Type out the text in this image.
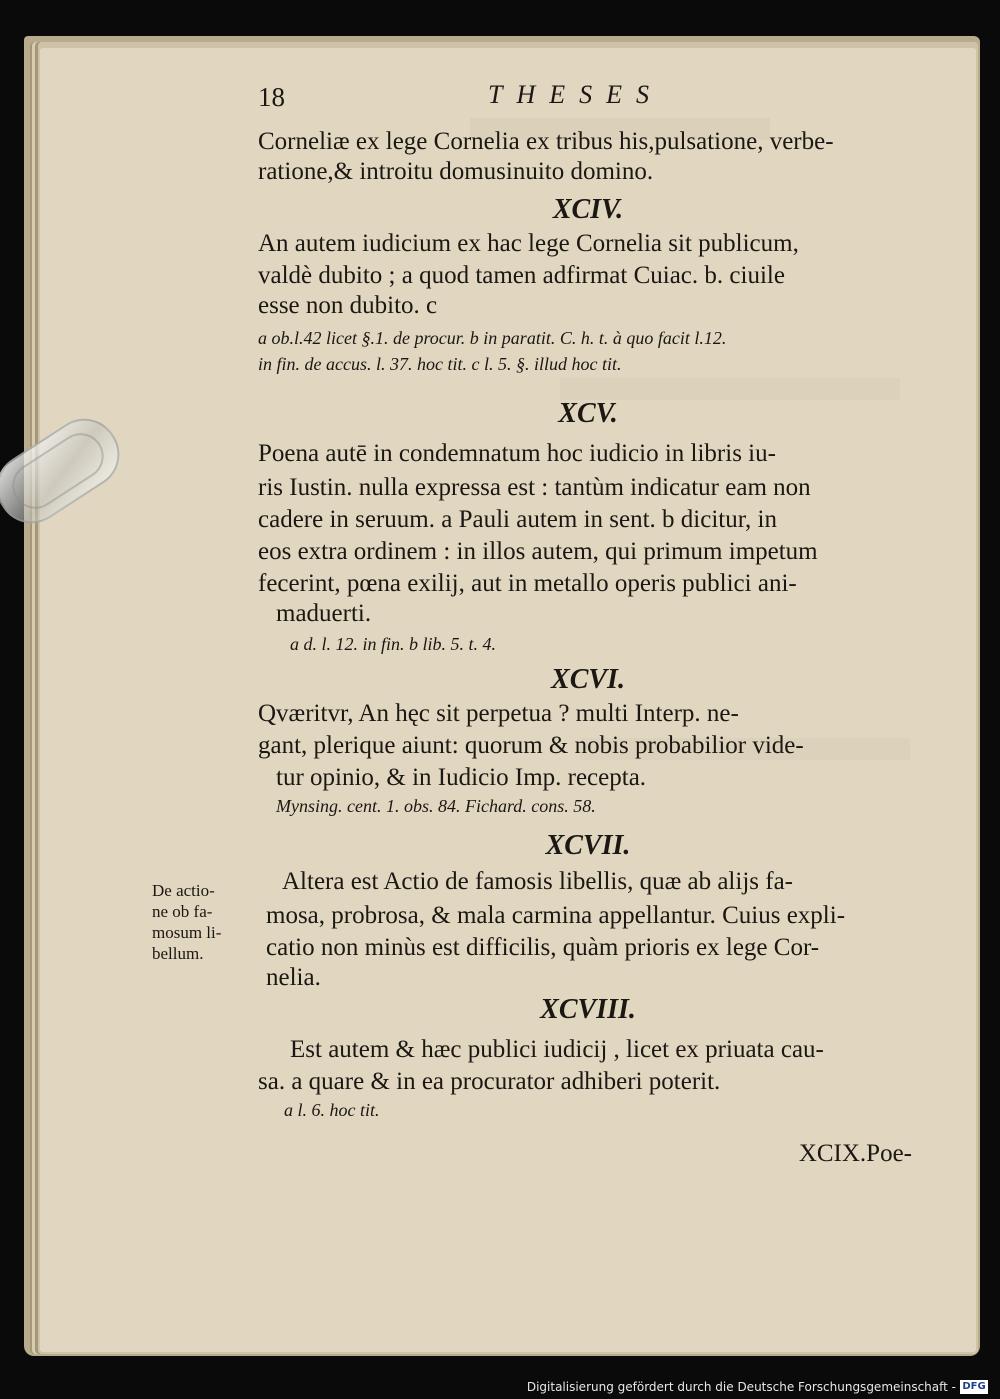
18	THESES
Corneliæ ex lege Cornelia ex tribus his,pulsatione, verbe-
ratione,& introitu domusinuito domino.
XCIV.
An autem iudicium ex hac lege Cornelia sit publicum,
valdè dubito ; a quod tamen adfirmat Cuiac. b. ciuile
esse non dubito. c
a ob.l.42 licet §.1. de procur. b in paratit. C. h. t. à quo facit l.12.
in fin. de accus. l. 37. hoc tit. c l. 5. §. illud hoc tit.
XCV.
Poena autē in condemnatum hoc iudicio in libris iu-
ris Iustin. nulla expressa est : tantùm indicatur eam non
cadere in seruum. a Pauli autem in sent. b dicitur, in
eos extra ordinem : in illos autem, qui primum impetum
fecerint, pœna exilij, aut in metallo operis publici ani-
maduerti.
a d. l. 12. in fin. b lib. 5. t. 4.
XCVI.
Qværitvr, An hęc sit perpetua ? multi Interp. ne-
gant, plerique aiunt: quorum & nobis probabilior vide-
tur opinio, & in Iudicio Imp. recepta.
Mynsing. cent. 1. obs. 84. Fichard. cons. 58.
XCVII.
De actio-
ne ob fa-
mosum li-
bellum.
Altera est Actio de famosis libellis, quæ ab alijs fa-
mosa, probrosa, & mala carmina appellantur. Cuius expli-
catio non minùs est difficilis, quàm prioris ex lege Cor-
nelia.
XCVIII.
Est autem & hæc publici iudicij , licet ex priuata cau-
sa. a quare & in ea procurator adhiberi poterit.
a l. 6. hoc tit.
XCIX.Poe-
Digitalisierung gefördert durch die Deutsche Forschungsgemeinschaft - DFG
